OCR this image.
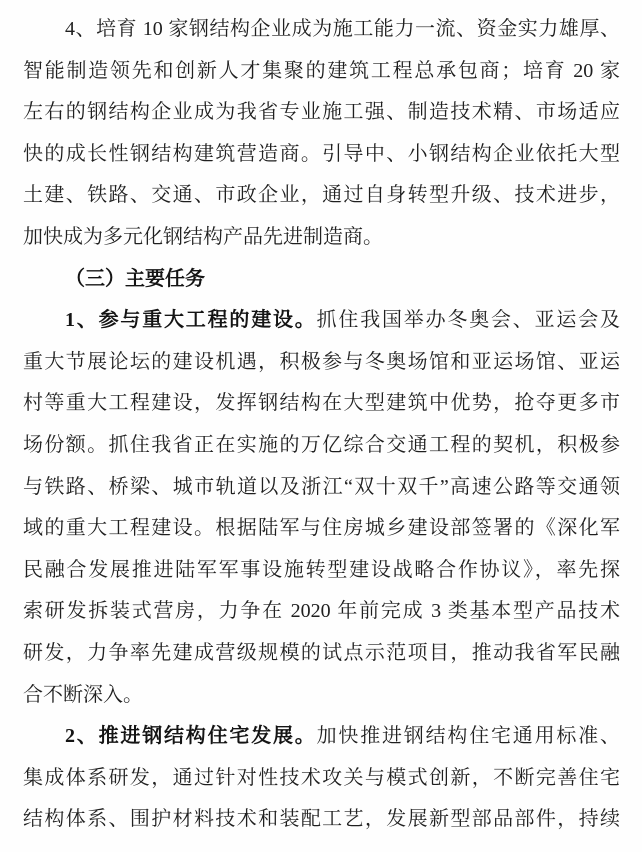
4、培育 10 家钢结构企业成为施工能力一流、资金实力雄厚、
智能制造领先和创新人才集聚的建筑工程总承包商；培育 20 家
左右的钢结构企业成为我省专业施工强、制造技术精、市场适应
快的成长性钢结构建筑营造商。引导中、小钢结构企业依托大型
土建、铁路、交通、市政企业，通过自身转型升级、技术进步，
加快成为多元化钢结构产品先进制造商。
（三）主要任务
1、参与重大工程的建设。抓住我国举办冬奥会、亚运会及
重大节展论坛的建设机遇，积极参与冬奥场馆和亚运场馆、亚运
村等重大工程建设，发挥钢结构在大型建筑中优势，抢夺更多市
场份额。抓住我省正在实施的万亿综合交通工程的契机，积极参
与铁路、桥梁、城市轨道以及浙江“双十双千”高速公路等交通领
域的重大工程建设。根据陆军与住房城乡建设部签署的《深化军
民融合发展推进陆军军事设施转型建设战略合作协议》，率先探
索研发拆装式营房，力争在 2020 年前完成 3 类基本型产品技术
研发，力争率先建成营级规模的试点示范项目，推动我省军民融
合不断深入。
2、推进钢结构住宅发展。加快推进钢结构住宅通用标准、
集成体系研发，通过针对性技术攻关与模式创新，不断完善住宅
结构体系、围护材料技术和装配工艺，发展新型部品部件，持续
